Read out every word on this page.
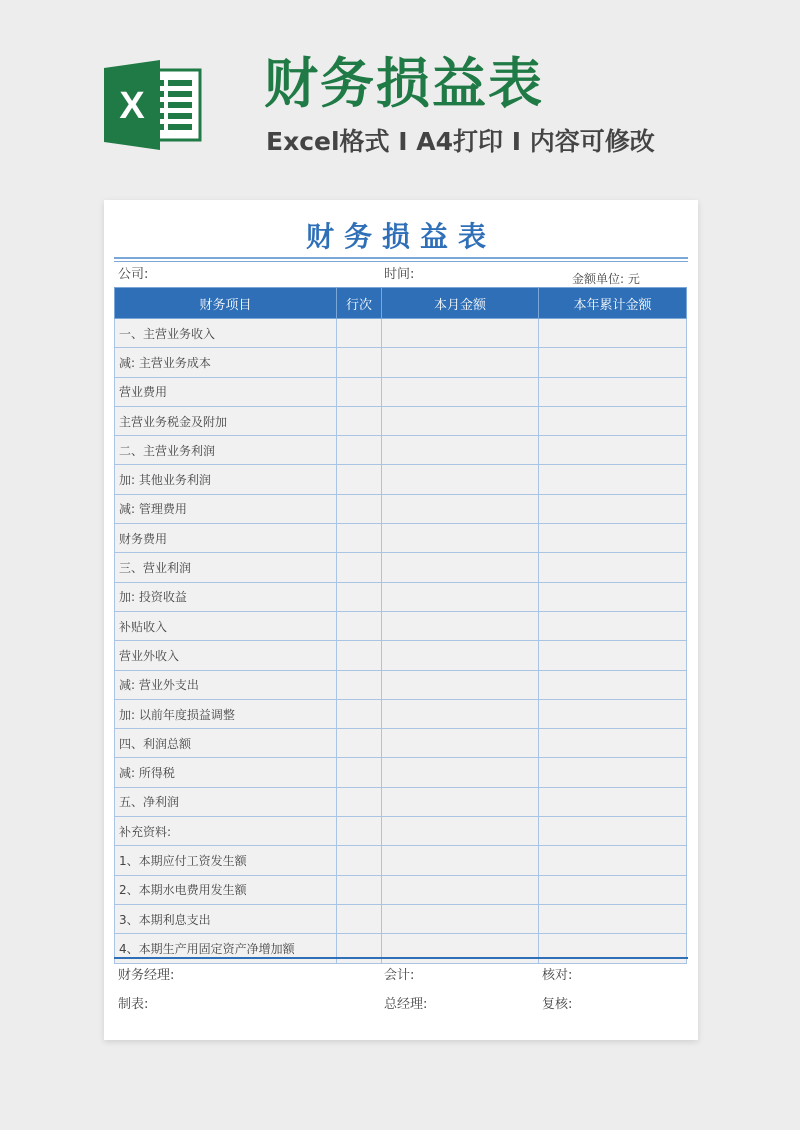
X 财务损益表
Excel格式 Ⅰ A4打印 Ⅰ 内容可修改
财务损益表
公司:	时间:	金额单位: 元
财务项目	行次	本月金额	本年累计金额
一、主营业务收入			
减: 主营业务成本			
营业费用			
主营业务税金及附加			
二、主营业务利润			
加: 其他业务利润			
减: 管理费用			
财务费用			
三、营业利润			
加: 投资收益			
补贴收入			
营业外收入			
减: 营业外支出			
加: 以前年度损益调整			
四、利润总额			
减: 所得税			
五、净利润			
补充资料:			
1、本期应付工资发生额			
2、本期水电费用发生额			
3、本期利息支出			
4、本期生产用固定资产净增加额			
财务经理:	会计:	核对:
制表:	总经理:	复核:
